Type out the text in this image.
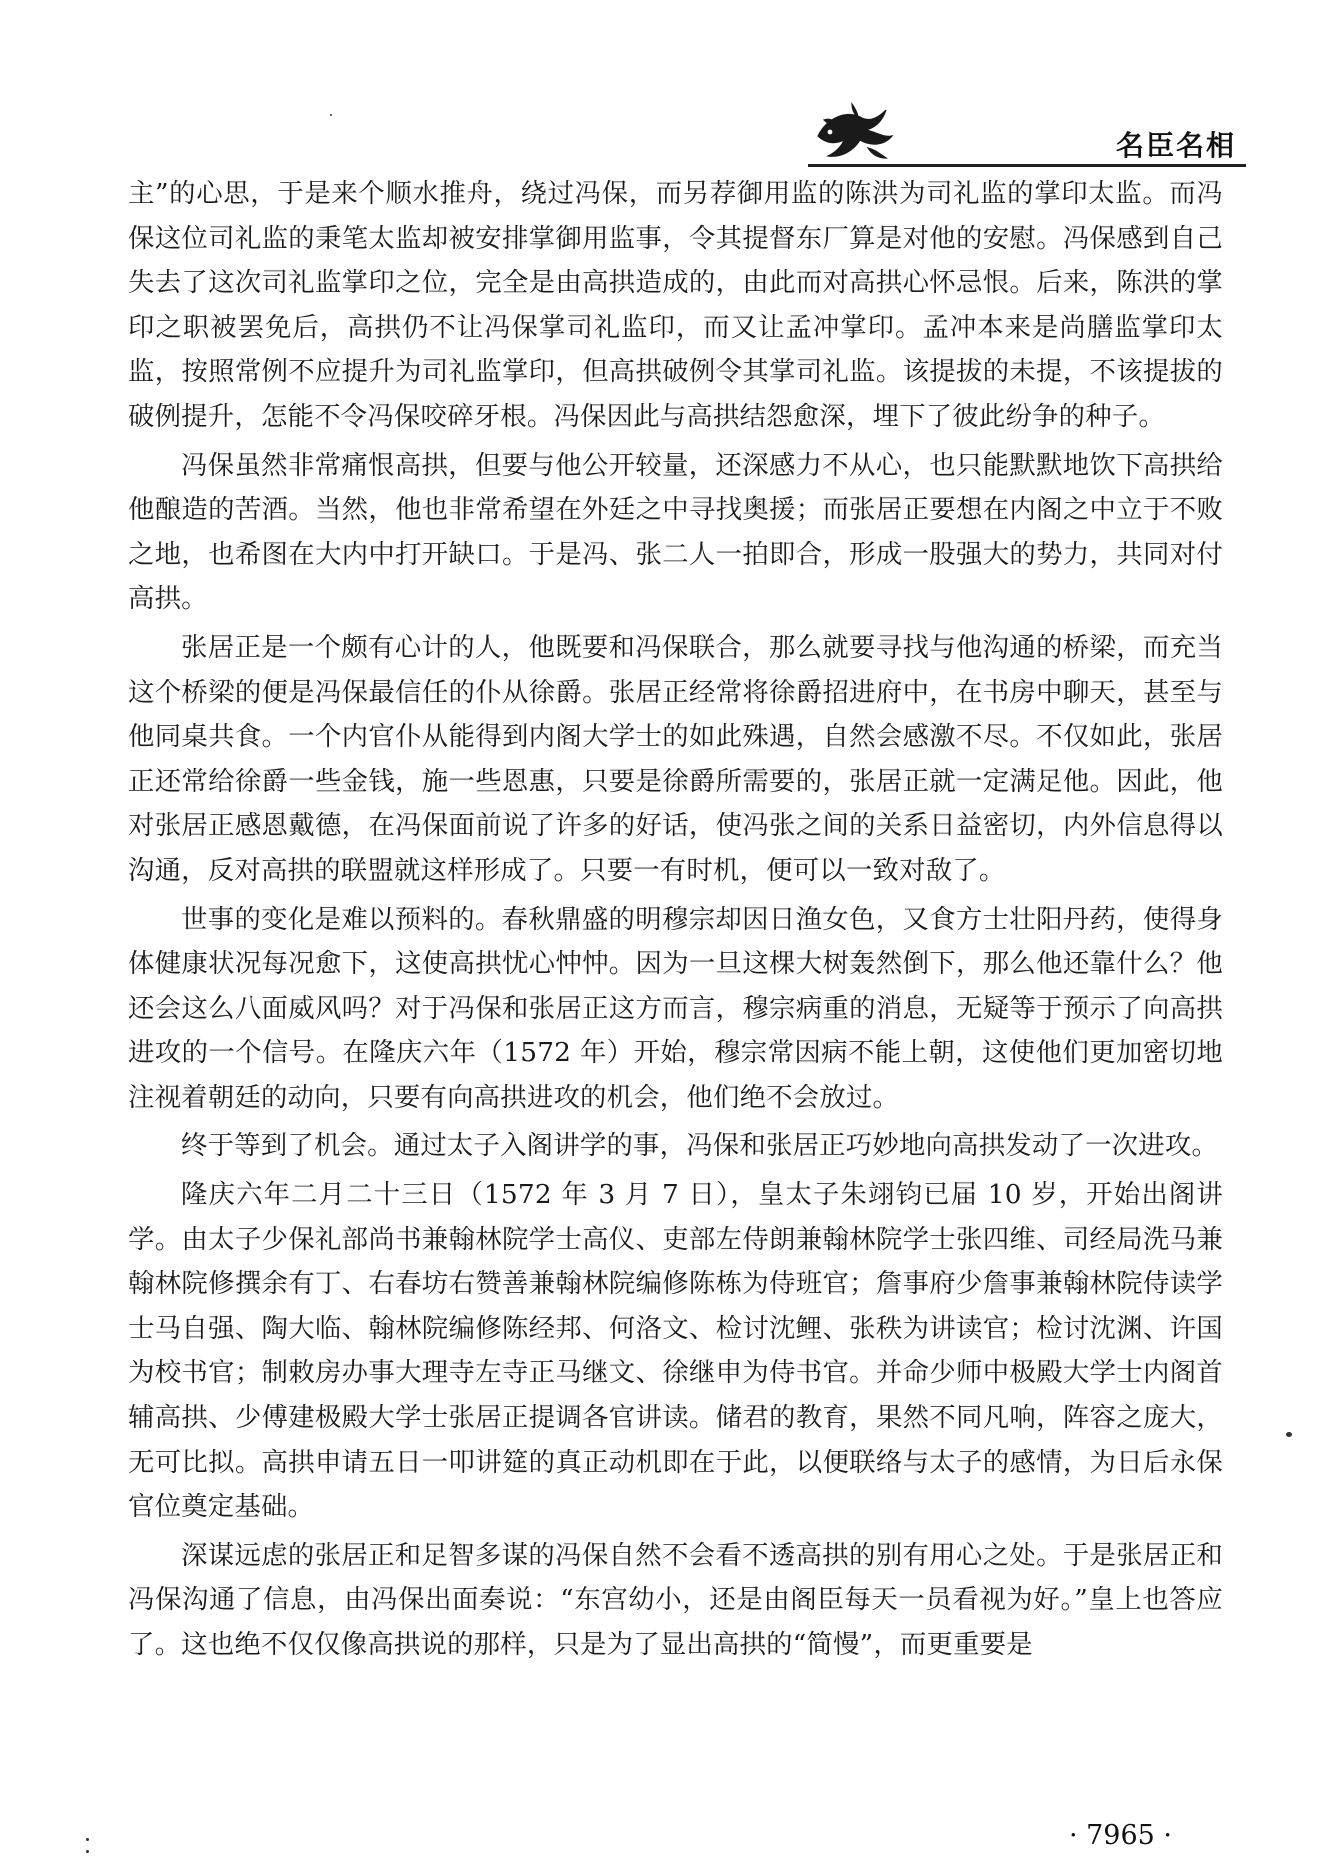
名臣名相

主”的心思，于是来个顺水推舟，绕过冯保，而另荐御用监的陈洪为司礼监的掌印太监。而冯保这位司礼监的秉笔太监却被安排掌御用监事，令其提督东厂算是对他的安慰。冯保感到自己失去了这次司礼监掌印之位，完全是由高拱造成的，由此而对高拱心怀忌恨。后来，陈洪的掌印之职被罢免后，高拱仍不让冯保掌司礼监印，而又让孟冲掌印。孟冲本来是尚膳监掌印太监，按照常例不应提升为司礼监掌印，但高拱破例令其掌司礼监。该提拔的未提，不该提拔的破例提升，怎能不令冯保咬碎牙根。冯保因此与高拱结怨愈深，埋下了彼此纷争的种子。

冯保虽然非常痛恨高拱，但要与他公开较量，还深感力不从心，也只能默默地饮下高拱给他酿造的苦酒。当然，他也非常希望在外廷之中寻找奥援；而张居正要想在内阁之中立于不败之地，也希图在大内中打开缺口。于是冯、张二人一拍即合，形成一股强大的势力，共同对付高拱。

张居正是一个颇有心计的人，他既要和冯保联合，那么就要寻找与他沟通的桥梁，而充当这个桥梁的便是冯保最信任的仆从徐爵。张居正经常将徐爵招进府中，在书房中聊天，甚至与他同桌共食。一个内官仆从能得到内阁大学士的如此殊遇，自然会感激不尽。不仅如此，张居正还常给徐爵一些金钱，施一些恩惠，只要是徐爵所需要的，张居正就一定满足他。因此，他对张居正感恩戴德，在冯保面前说了许多的好话，使冯张之间的关系日益密切，内外信息得以沟通，反对高拱的联盟就这样形成了。只要一有时机，便可以一致对敌了。

世事的变化是难以预料的。春秋鼎盛的明穆宗却因日渔女色，又食方士壮阳丹药，使得身体健康状况每况愈下，这使高拱忧心忡忡。因为一旦这棵大树轰然倒下，那么他还靠什么？他还会这么八面威风吗？对于冯保和张居正这方而言，穆宗病重的消息，无疑等于预示了向高拱进攻的一个信号。在隆庆六年（1572 年）开始，穆宗常因病不能上朝，这使他们更加密切地注视着朝廷的动向，只要有向高拱进攻的机会，他们绝不会放过。

终于等到了机会。通过太子入阁讲学的事，冯保和张居正巧妙地向高拱发动了一次进攻。

隆庆六年二月二十三日（1572 年 3 月 7 日），皇太子朱翊钧已届 10 岁，开始出阁讲学。由太子少保礼部尚书兼翰林院学士高仪、吏部左侍朗兼翰林院学士张四维、司经局洗马兼翰林院修撰余有丁、右春坊右赞善兼翰林院编修陈栋为侍班官；詹事府少詹事兼翰林院侍读学士马自强、陶大临、翰林院编修陈经邦、何洛文、检讨沈鲤、张秩为讲读官；检讨沈渊、许国为校书官；制敕房办事大理寺左寺正马继文、徐继申为侍书官。并命少师中极殿大学士内阁首辅高拱、少傅建极殿大学士张居正提调各官讲读。储君的教育，果然不同凡响，阵容之庞大，无可比拟。高拱申请五日一叩讲筵的真正动机即在于此，以便联络与太子的感情，为日后永保官位奠定基础。

深谋远虑的张居正和足智多谋的冯保自然不会看不透高拱的别有用心之处。于是张居正和冯保沟通了信息，由冯保出面奏说：“东宫幼小，还是由阁臣每天一员看视为好。”皇上也答应了。这也绝不仅仅像高拱说的那样，只是为了显出高拱的“简慢”，而更重要是

· 7965 ·
